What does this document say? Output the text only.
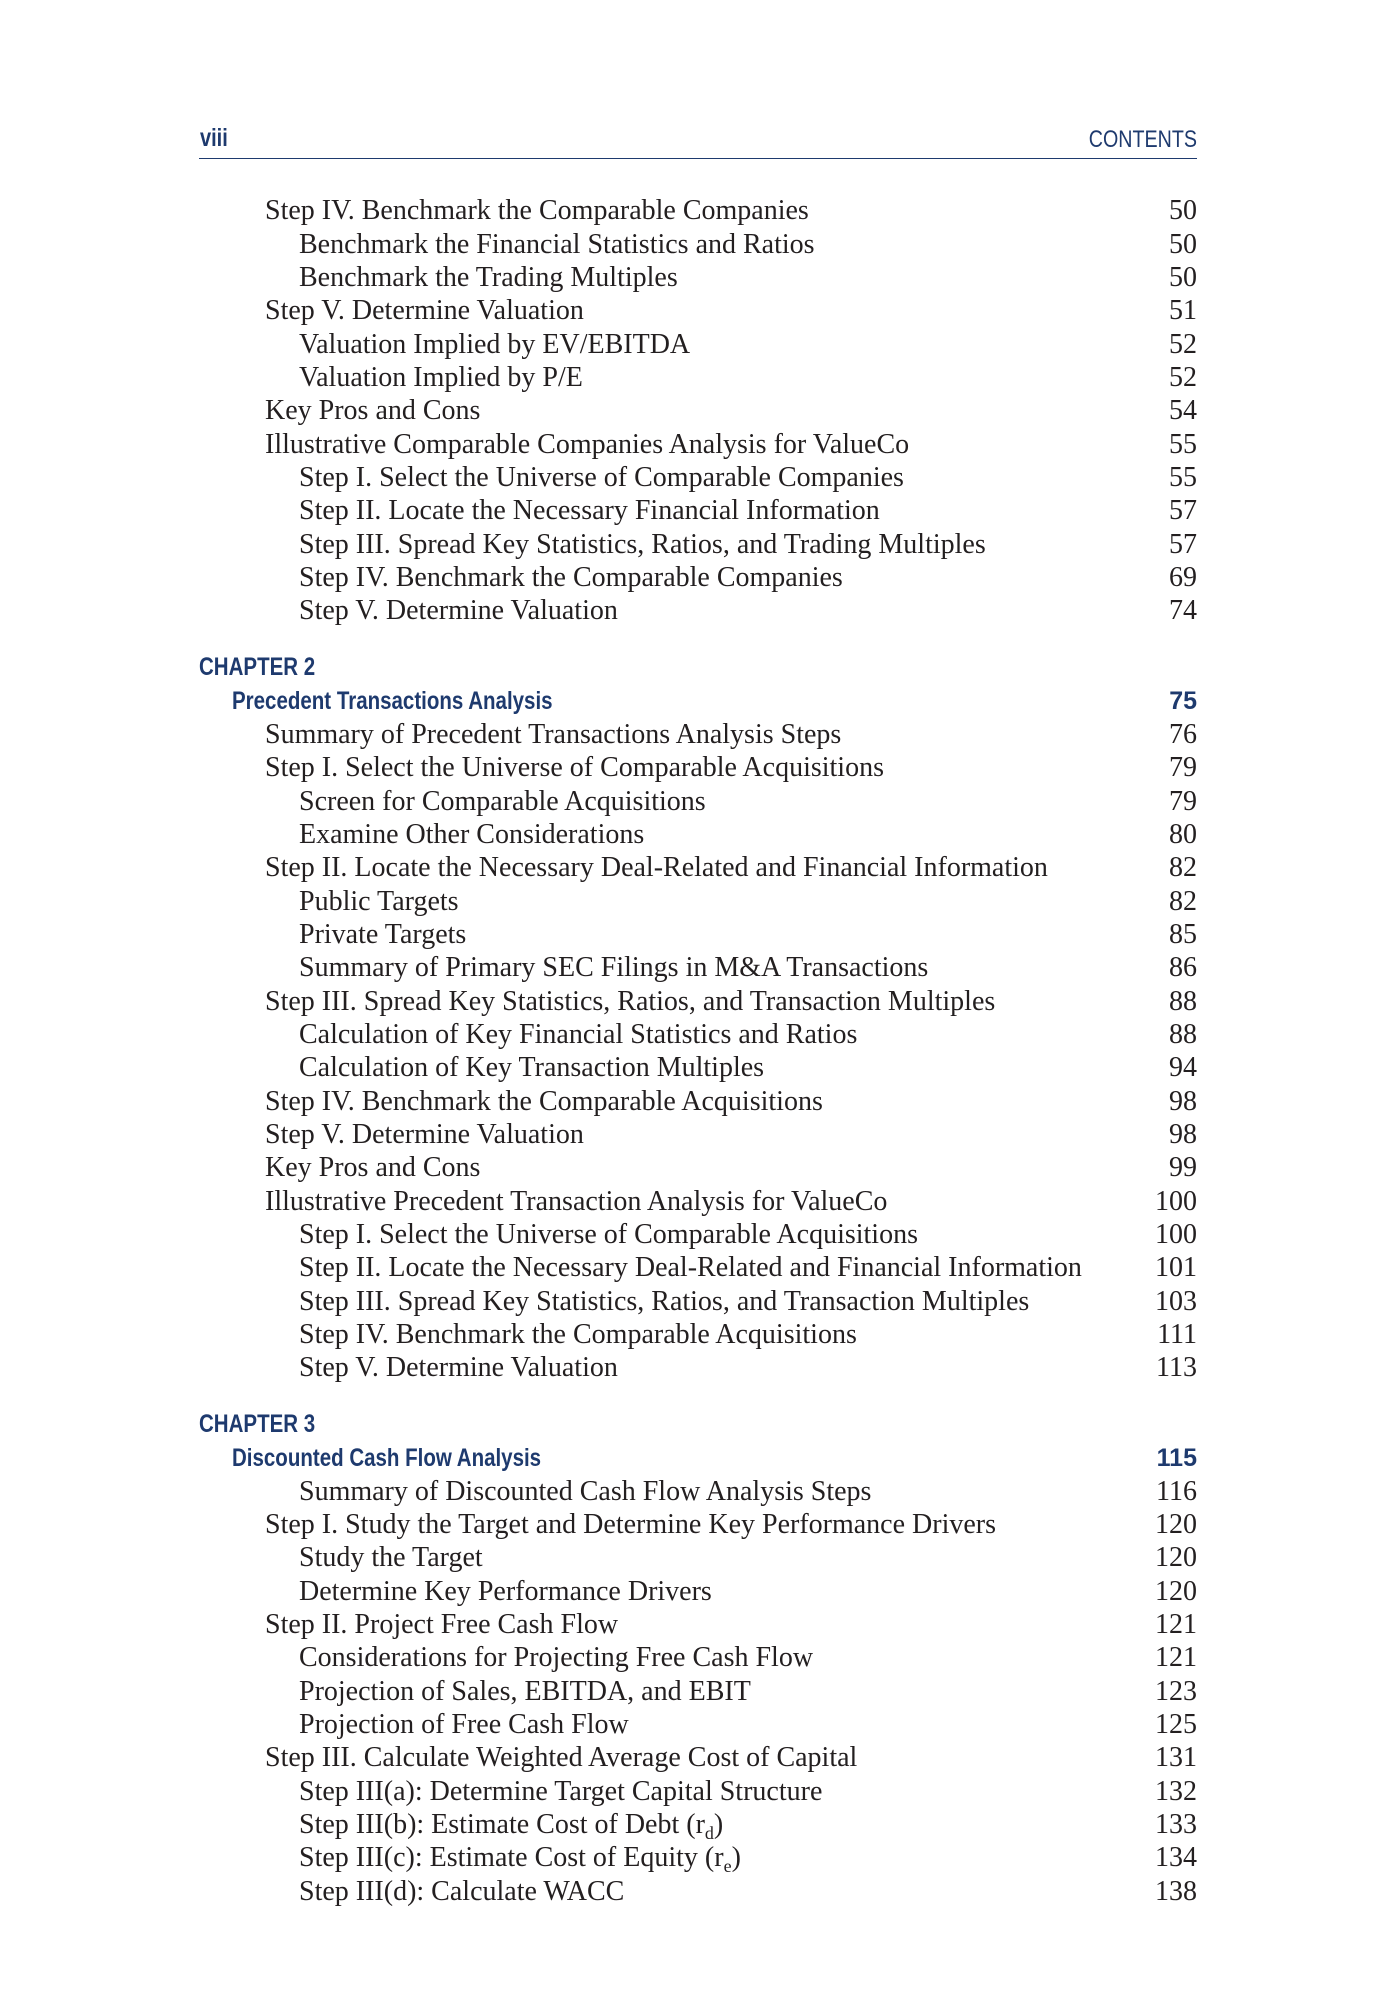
viii	CONTENTS
Step IV. Benchmark the Comparable Companies	50
Benchmark the Financial Statistics and Ratios	50
Benchmark the Trading Multiples	50
Step V. Determine Valuation	51
Valuation Implied by EV/EBITDA	52
Valuation Implied by P/E	52
Key Pros and Cons	54
Illustrative Comparable Companies Analysis for ValueCo	55
Step I. Select the Universe of Comparable Companies	55
Step II. Locate the Necessary Financial Information	57
Step III. Spread Key Statistics, Ratios, and Trading Multiples	57
Step IV. Benchmark the Comparable Companies	69
Step V. Determine Valuation	74
CHAPTER 2
Precedent Transactions Analysis	75
Summary of Precedent Transactions Analysis Steps	76
Step I. Select the Universe of Comparable Acquisitions	79
Screen for Comparable Acquisitions	79
Examine Other Considerations	80
Step II. Locate the Necessary Deal-Related and Financial Information	82
Public Targets	82
Private Targets	85
Summary of Primary SEC Filings in M&A Transactions	86
Step III. Spread Key Statistics, Ratios, and Transaction Multiples	88
Calculation of Key Financial Statistics and Ratios	88
Calculation of Key Transaction Multiples	94
Step IV. Benchmark the Comparable Acquisitions	98
Step V. Determine Valuation	98
Key Pros and Cons	99
Illustrative Precedent Transaction Analysis for ValueCo	100
Step I. Select the Universe of Comparable Acquisitions	100
Step II. Locate the Necessary Deal-Related and Financial Information	101
Step III. Spread Key Statistics, Ratios, and Transaction Multiples	103
Step IV. Benchmark the Comparable Acquisitions	111
Step V. Determine Valuation	113
CHAPTER 3
Discounted Cash Flow Analysis	115
Summary of Discounted Cash Flow Analysis Steps	116
Step I. Study the Target and Determine Key Performance Drivers	120
Study the Target	120
Determine Key Performance Drivers	120
Step II. Project Free Cash Flow	121
Considerations for Projecting Free Cash Flow	121
Projection of Sales, EBITDA, and EBIT	123
Projection of Free Cash Flow	125
Step III. Calculate Weighted Average Cost of Capital	131
Step III(a): Determine Target Capital Structure	132
Step III(b): Estimate Cost of Debt $(r_d)$	133
Step III(c): Estimate Cost of Equity $(r_e)$	134
Step III(d): Calculate WACC	138
